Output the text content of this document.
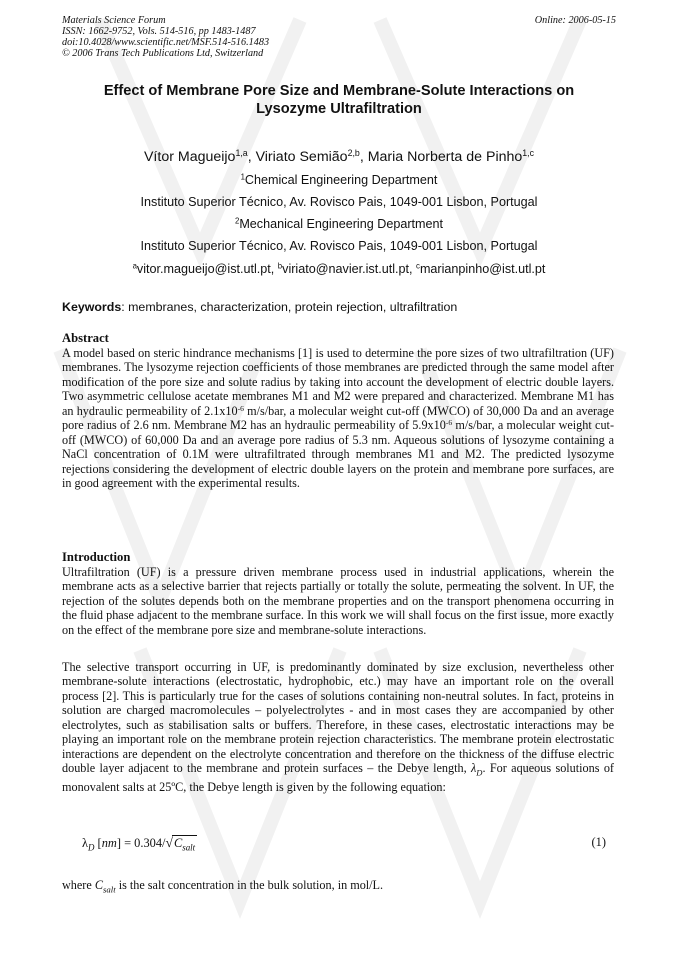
Materials Science Forum
ISSN: 1662-9752, Vols. 514-516, pp 1483-1487
doi:10.4028/www.scientific.net/MSF.514-516.1483
© 2006 Trans Tech Publications Ltd, Switzerland
Online: 2006-05-15
Effect of Membrane Pore Size and Membrane-Solute Interactions on
Lysozyme Ultrafiltration
Vítor Magueijo$^{1,a}$, Viriato Semião$^{2,b}$, Maria Norberta de Pinho$^{1,c}$
$^1$Chemical Engineering Department
Instituto Superior Técnico, Av. Rovisco Pais, 1049-001 Lisbon, Portugal
$^2$Mechanical Engineering Department
Instituto Superior Técnico, Av. Rovisco Pais, 1049-001 Lisbon, Portugal
$^a$vitor.magueijo@ist.utl.pt, $^b$viriato@navier.ist.utl.pt, $^c$marianpinho@ist.utl.pt
Keywords: membranes, characterization, protein rejection, ultrafiltration
Abstract

A model based on steric hindrance mechanisms [1] is used to determine the pore sizes of two ultrafiltration (UF) membranes. The lysozyme rejection coefficients of those membranes are predicted through the same model after modification of the pore size and solute radius by taking into account the development of electric double layers. Two asymmetric cellulose acetate membranes M1 and M2 were prepared and characterized. Membrane M1 has an hydraulic permeability of $2.1x10^{-6}$ m/s/bar, a molecular weight cut-off (MWCO) of 30,000 Da and an average pore radius of 2.6 nm. Membrane M2 has an hydraulic permeability of $5.9x10^{-6}$ m/s/bar, a molecular weight cut-off (MWCO) of 60,000 Da and an average pore radius of 5.3 nm. Aqueous solutions of lysozyme containing a NaCl concentration of 0.1M were ultrafiltrated through membranes M1 and M2. The predicted lysozyme rejections considering the development of electric double layers on the protein and membrane pore surfaces, are in good agreement with the experimental results.

Introduction

Ultrafiltration (UF) is a pressure driven membrane process used in industrial applications, wherein the membrane acts as a selective barrier that rejects partially or totally the solute, permeating the solvent. In UF, the rejection of the solutes depends both on the membrane properties and on the transport phenomena occurring in the fluid phase adjacent to the membrane surface. In this work we will shall focus on the first issue, more exactly on the effect of the membrane pore size and membrane-solute interactions.

The selective transport occurring in UF, is predominantly dominated by size exclusion, nevertheless other membrane-solute interactions (electrostatic, hydrophobic, etc.) may have an important role on the overall process [2]. This is particularly true for the cases of solutions containing non-neutral solutes. In fact, proteins in solution are charged macromolecules – polyelectrolytes - and in most cases they are accompanied by other electrolytes, such as stabilisation salts or buffers. Therefore, in these cases, electrostatic interactions may be playing an important role on the membrane protein rejection characteristics. The membrane protein electrostatic interactions are dependent on the electrolyte concentration and therefore on the thickness of the diffuse electric double layer adjacent to the membrane and protein surfaces – the Debye length, $\lambda_D$. For aqueous solutions of monovalent salts at 25ºC, the Debye length is given by the following equation:

$\lambda_D$ $[nm] = 0.304/√C_{salt}$	(1)
where $C_{salt}$ is the salt concentration in the bulk solution, in mol/L.
